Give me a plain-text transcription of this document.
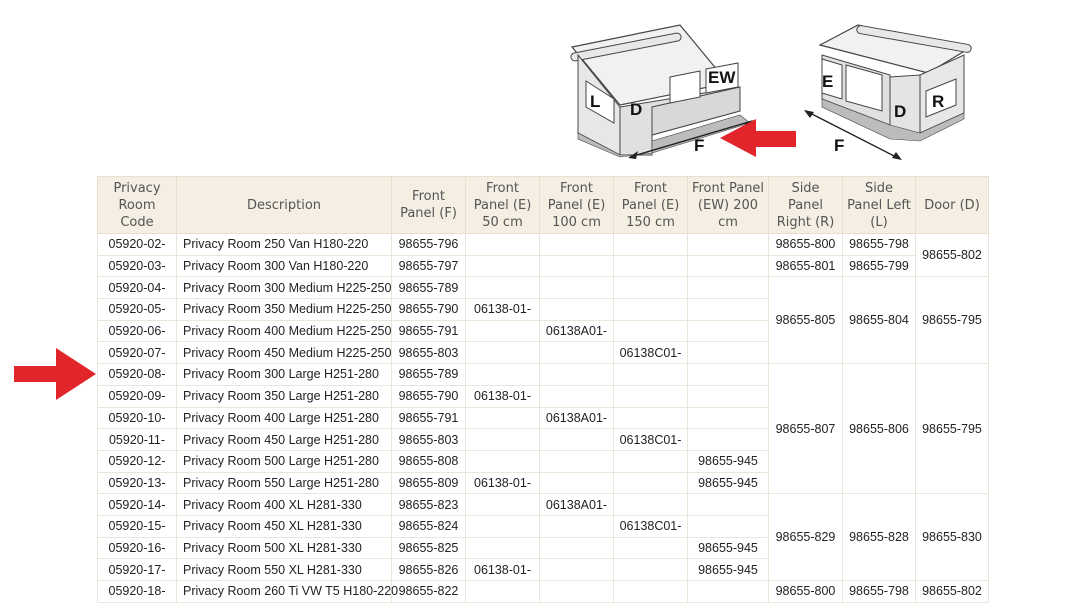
L D
EW
F
E
D
R
F
Privacy Room Code	Description	Front Panel (F)	Front Panel (E) 50 cm	Front Panel (E) 100 cm	Front Panel (E) 150 cm	Front Panel (EW) 200 cm	Side Panel Right (R)	Side Panel Left (L)	Door (D)
05920-02-	Privacy Room 250 Van H180-220	98655-796					98655-800	98655-798	98655-802
05920-03-	Privacy Room 300 Van H180-220	98655-797					98655-801	98655-799	
05920-04-	Privacy Room 300 Medium H225-250	98655-789					98655-805	98655-804	98655-795
05920-05-	Privacy Room 350 Medium H225-250	98655-790	06138-01-						
05920-06-	Privacy Room 400 Medium H225-250	98655-791		06138A01-					
05920-07-	Privacy Room 450 Medium H225-250	98655-803			06138C01-				
05920-08-	Privacy Room 300 Large H251-280	98655-789					98655-807	98655-806	98655-795
05920-09-	Privacy Room 350 Large H251-280	98655-790	06138-01-						
05920-10-	Privacy Room 400 Large H251-280	98655-791		06138A01-					
05920-11-	Privacy Room 450 Large H251-280	98655-803			06138C01-				
05920-12-	Privacy Room 500 Large H251-280	98655-808				98655-945			
05920-13-	Privacy Room 550 Large H251-280	98655-809	06138-01-			98655-945			
05920-14-	Privacy Room 400 XL H281-330	98655-823		06138A01-			98655-829	98655-828	98655-830
05920-15-	Privacy Room 450 XL H281-330	98655-824			06138C01-				
05920-16-	Privacy Room 500 XL H281-330	98655-825				98655-945			
05920-17-	Privacy Room 550 XL H281-330	98655-826	06138-01-			98655-945			
05920-18-	Privacy Room 260 Ti VW T5 H180-220	98655-822					98655-800	98655-798	98655-802
